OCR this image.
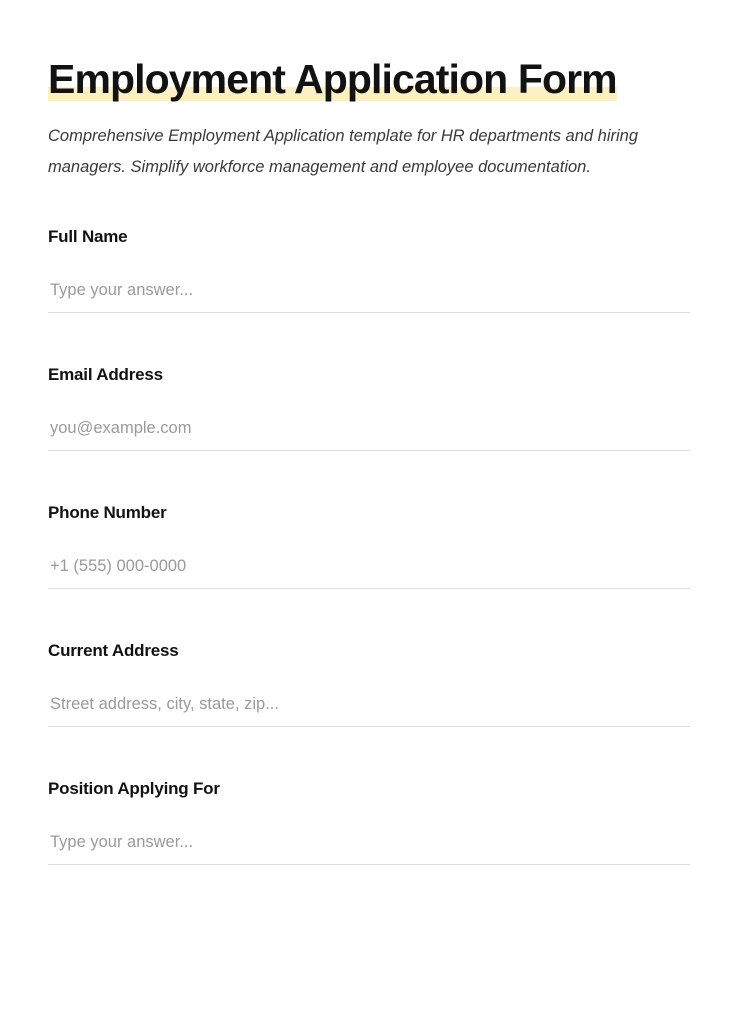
Employment Application Form

Comprehensive Employment Application template for HR departments and hiring managers. Simplify workforce management and employee documentation.

Full Name
Type your answer...
Email Address
you@example.com
Phone Number
+1 (555) 000-0000
Current Address
Street address, city, state, zip...
Position Applying For
Type your answer...
